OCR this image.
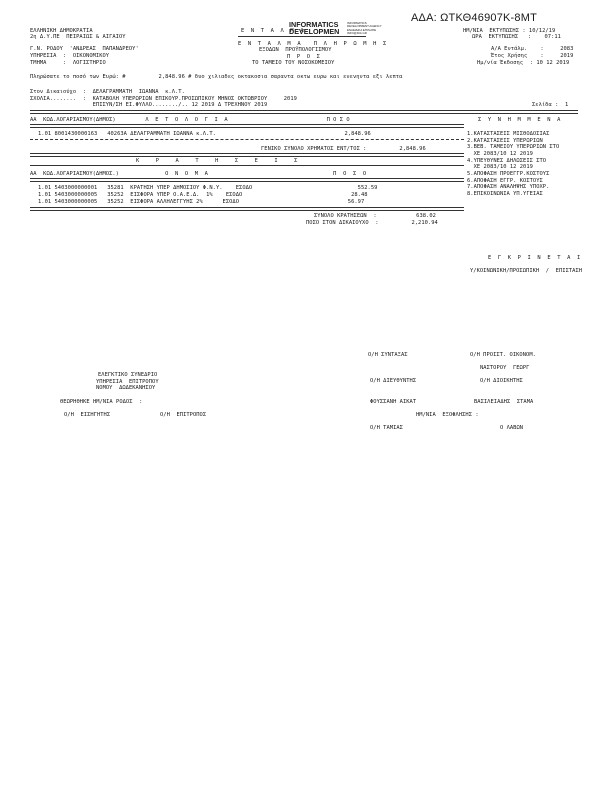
ΑΔΑ: ΩΤΚΘ46907Κ-8ΜΤ
INFORMATICS
DEVELOPMEN
INFORMATICS
DEVELOPMENT AGENCY
ΕΝΑΕΙΔΙΚΑ ΕΠΙΛΗΨΕ
INFO@IDA.GR
ΕΛΛΗΝΙΚΗ ΔΗΜΟΚΡΑΤΙΑ
2η Δ.Υ.ΠΕ  ΠΕΙΡΑΙΩΣ & ΑΙΓΑΙΟΥ
Γ.Ν. ΡΟΔΟΥ  'ΑΝΔΡΕΑΣ  ΠΑΠΑΝΔΡΕΟΥ'
ΥΠΗΡΕΣΙΑ  :  ΟΙΚΟΝΟΜΙΚΟΥ
ΤΜΗΜΑ     :  ΛΟΓΙΣΤΗΡΙΟ
Ε  Ν  Τ  Α  Λ  Μ  Α
Ε  Ν  Τ  Α  Λ  Μ  Α    Π  Λ  Η  Ρ  Ω  Μ  Η  Σ
ΕΞΟΔΩΝ  ΠΡΟΫΠΟΛΟΓΙΣΜΟΥ
Π  Ρ  Ο  Σ
ΤΟ ΤΑΜΕΙΟ ΤΟΥ ΝΟΣΟΚΟΜΕΙΟΥ
ΗΜ/ΝΙΑ  ΕΚΤΥΠΩΣΗΣ : 10/12/19
ΩΡΑ  ΕΚΤΥΠΩΣΗΣ   :    07:11
Α/Α Εντάλμ.    :     2083
Έτος Χρήσης    :     2019
Ημ/νία Έκδοσης  : 10 12 2019
Πληρώσατε το ποσό των Ευρώ: #          2,848.96 # δυο χιλιαδες οκτακοσια σαραντα οκτω ευρω και ενενηντα εξι λεπτα
Στον Δικαιούχο  :  ΔΕΛΑΓΡΑΜΜΑΤΗ  ΙΩΑΝΝΑ  κ.Λ.Τ.
ΣΧΟΛΙΑ........  :  ΚΑΤΑΒΟΛΗ ΥΠΕΡΩΡΙΩΝ ΕΠΙΚΟΥΡ.ΠΡΟΣΩΠΙΚΟΥ ΜΗΝΟΣ ΟΚΤΩΒΡΙΟΥ     2019
ΕΠΙΣΥΝ/ΣΗ ΕΙ.ΦΥΛΛΟ......../.. 12 2019 Δ ΤΡΕΧΗΝΟΥ 2019	Σελίδα :  1
ΑΑ  ΚΩΔ.ΛΟΓΑΡΙΑΣΜΟΥ(ΔΗΜΟΣ)         Λ  Ε  Τ  Ο  Λ  Ο  Γ  Ι  Α                              Π Ο Σ Ο
1.01 8001430000163   40263Α ΔΕΛΑΓΡΑΜΜΑΤΗ ΙΩΑΝΝΑ κ.Λ.Τ.                                       2,848.96
ΓΕΝΙΚΟ ΣΥΝΟΛΟ ΧΡΗΜΑΤΟΣ ΕΝΤ/ΤΟΣ :          2,848.96
Σ  Υ  Ν  Η  Μ  Μ  Ε  Ν  Α
1.ΚΑΤΑΣΤΑΣΕΙΣ ΜΙΣΘΟΔΟΣΙΑΣ
2.ΚΑΤΑΣΤΑΣΕΙΣ ΥΠΕΡΩΡΙΩΝ
3.ΒΕΒ. ΤΑΜΕΙΟΥ ΥΠΕΡΩΡΙΩΝ ΣΤΟ
ΧΕ 2083/10 12 2019
4.ΥΠΕΥΘΥΝΕΣ ΔΗΛΩΣΕΙΣ ΣΤΟ
ΧΕ 2083/10 12 2019
5.ΑΠΟΦΑΣΗ ΠΡΟΕΓΓΡ.ΚΟΣΤΟΥΣ
6.ΑΠΟΦΑΣΗ ΕΓΓΡ. ΚΟΣΤΟΥΣ
7.ΑΠΟΦΑΣΗ ΑΝΑΛΗΨΗΣ ΥΠΟΧΡ.
8.ΕΠΙΚΟΙΝΩΝΙΑ ΥΠ.ΥΓΕΙΑΣ
Κ     Ρ     Α     Τ     Η     Σ     Ε     Ι     Σ
ΑΑ  ΚΩΔ.ΛΟΓΑΡΙΑΣΜΟΥ(ΔΗΜΟΣ.)              Ο  Ν  Ο  Μ  Α                                      Π  Ο  Σ  Ο
1.01 5403000000001   35281  ΚΡΑΤΗΣΗ ΥΠΕΡ ΔΗΜΟΣΙΟΥ Φ.Ν.Υ.    ΕΣΟΔΟ                                552.59
1.01 5403000000005   35252  ΕΙΣΦΟΡΑ ΥΠΕΡ Ο.Α.Ε.Δ.  1%    ΕΣΟΔΟ                                 28.48
1.01 5403000000005   35252  ΕΙΣΦΟΡΑ ΑΛΛΗΛΕΓΓΥΗΣ 2%      ΕΣΟΔΟ                                 56.97
ΣΥΝΟΛΟ ΚΡΑΤΗΣΕΩΝ  :            638.02
ΠΟΣΟ ΣΤΟΝ ΔΙΚΑΙΟΥΧΟ  :          2,210.94
Ε  Γ  Κ  Ρ  Ι  Ν  Ε  Τ  Α  Ι
Υ/ΚΟΙΝΩΝΙΚΗ/ΠΡΟΣΩΠΙΚΗ  /  ΕΠΙΣΤΑΣΗ
Ο/Η ΣΥΝΤΑΞΑΣ	Ο/Η ΠΡΟΙΣΤ. ΟΙΚΟΝΟΜ.
ΝΑΣΤΟΡΟΥ  ΓΕΩΡΓ
ΕΛΕΓΚΤΙΚΟ ΣΥΝΕΔΡΙΟ
ΥΠΗΡΕΣΙΑ  ΕΠΙΤΡΟΠΟΥ
ΝΟΜΟΥ  ΔΩΔΕΚΑΝΗΣΟΥ
Ο/Η ΔΙΕΥΘΥΝΤΗΣ	Ο/Η ΔΙΟΙΚΗΤΗΣ
ΘΕΩΡΗΘΗΚΕ ΗΜ/ΝΙΑ ΡΟΔΟΣ  :	ΦΟΥΣΣΑΝΗ ΑΙΚΑΤ	ΒΑΣΙΛΕΙΑΔΗΣ  ΣΤΑΜΑ
Ο/Η  ΕΙΣΗΓΗΤΗΣ	Ο/Η  ΕΠΙΤΡΟΠΟΣ	ΗΜ/ΝΙΑ  ΕΞΟΦΛΗΣΗΣ :
Ο/Η ΤΑΜΙΑΣ	Ο ΛΑΒΩΝ
